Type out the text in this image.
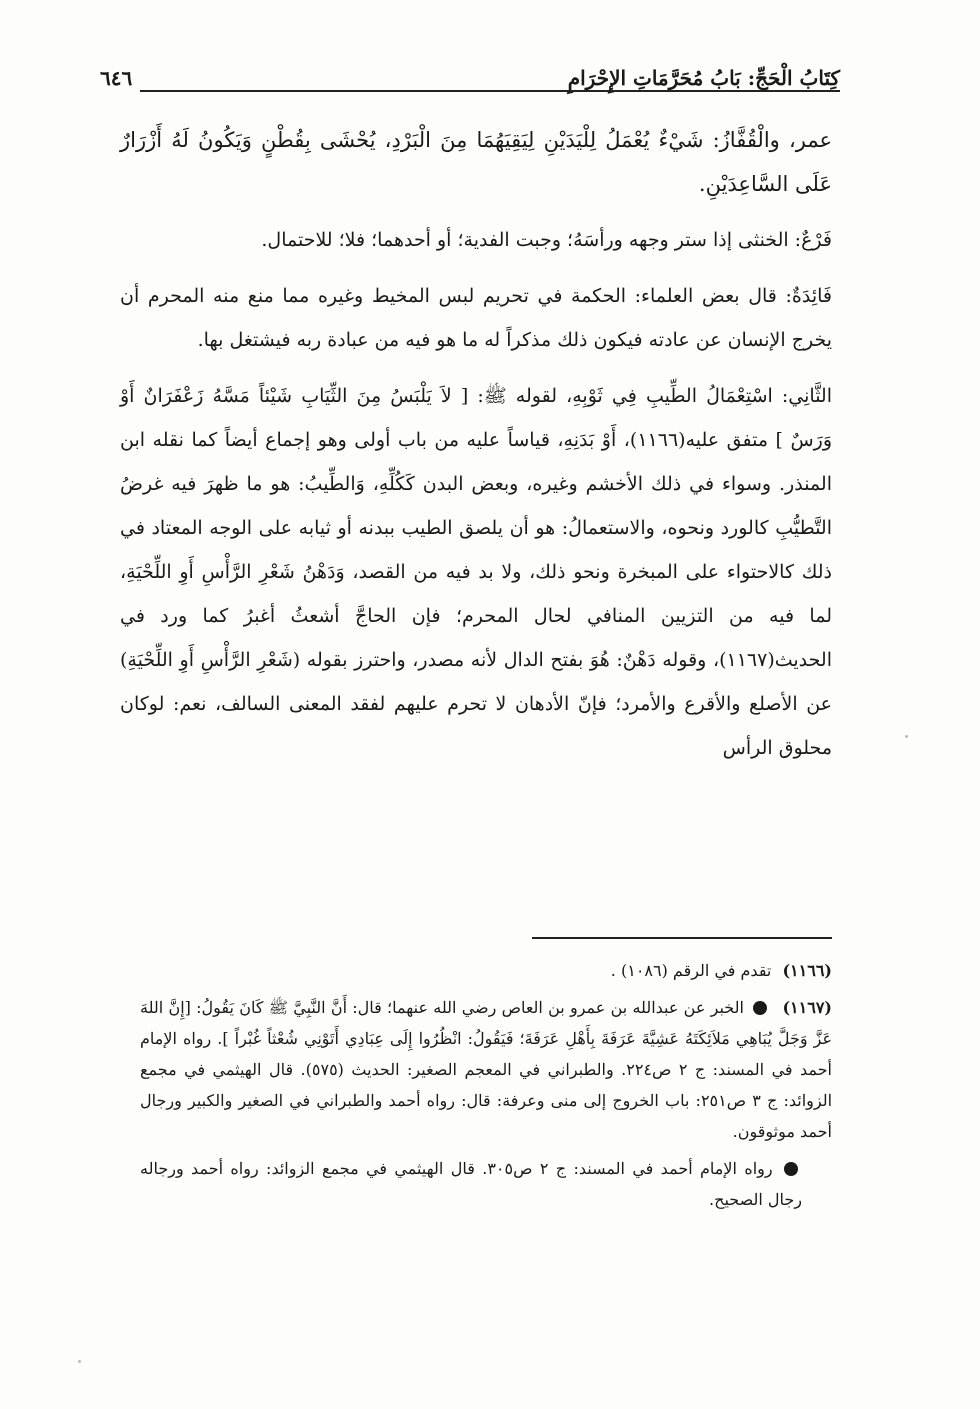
كِتَابُ الْحَجِّ: بَابُ مُحَرَّمَاتِ الإِحْرَامِ
٦٤٦

عمر، والْقُفَّازُ: شَيْءٌ يُعْمَلُ لِلْيَدَيْنِ لِيَقِيَهُمَا مِنَ الْبَرْدِ، يُحْشَى بِقُطْنٍ وَيَكُونُ لَهُ أَزْرَارٌ عَلَى السَّاعِدَيْنِ.

فَرْعٌ: الخنثى إذا ستر وجهه ورأسَهُ؛ وجبت الفدية؛ أو أحدهما؛ فلا؛ للاحتمال.

فَائِدَةٌ: قال بعض العلماء: الحكمة في تحريم لبس المخيط وغيره مما منع منه المحرم أن يخرج الإنسان عن عادته فيكون ذلك مذكراً له ما هو فيه من عبادة ربه فيشتغل بها.

الثَّانِي: اسْتِعْمَالُ الطِّيبِ فِي ثَوْبِهِ، لقوله ﷺ: [ لاَ يَلْبَسُ مِنَ الثِّيَابِ شَيْئاً مَسَّهُ زَعْفَرَانٌ أَوْ وَرَسٌ ] متفق عليه(١١٦٦)، أَوْ بَدَنِهِ، قياساً عليه من باب أولى وهو إجماع أيضاً كما نقله ابن المنذر. وسواء في ذلك الأخشم وغيره، وبعض البدن كَكُلِّهِ، وَالطِّيبُ: هو ما ظهرَ فيه غرضُ التَّطيُّبِ كالورد ونحوه، والاستعمالُ: هو أن يلصق الطيب ببدنه أو ثيابه على الوجه المعتاد في ذلك كالاحتواء على المبخرة ونحو ذلك، ولا بد فيه من القصد، وَدَهْنُ شَعْرِ الرَّأْسِ أَوِ اللِّحْيَةِ، لما فيه من التزيين المنافي لحال المحرم؛ فإن الحاجَّ أشعثُ أغبرُ كما ورد في الحديث(١١٦٧)، وقوله دَهْنٌ: هُوَ بفتح الدال لأنه مصدر، واحترز بقوله (شَعْرِ الرَّأْسِ أَوِ اللِّحْيَةِ) عن الأصلع والأقرع والأمرد؛ فإنّ الأدهان لا تحرم عليهم لفقد المعنى السالف، نعم: لوكان محلوق الرأس

(١١٦٦) تقدم في الرقم (١٠٨٦) .

(١١٦٧)  الخبر عن عبدالله بن عمرو بن العاص رضي الله عنهما؛ قال: أَنَّ النَّبِيَّ ﷺ كَانَ يَقُولُ: [إِنَّ اللهَ عَزَّ وَجَلَّ يُبَاهِي مَلاَئِكَتَهُ عَشِيَّةَ عَرَفَةَ بِأَهْلِ عَرَفَةَ؛ فَيَقُولُ: انْظُرُوا إِلَى عِبَادِي أَتَوْنِي شُعْثاً غُبْراً ]. رواه الإمام أحمد في المسند: ج ٢ ص٢٢٤. والطبراني في المعجم الصغير: الحديث (٥٧٥). قال الهيثمي في مجمع الزوائد: ج ٣ ص٢٥١: باب الخروج إلى منى وعرفة: قال: رواه أحمد والطبراني في الصغير والكبير ورجال أحمد موثوقون.

رواه الإمام أحمد في المسند: ج ٢ ص٣٠٥. قال الهيثمي في مجمع الزوائد: رواه أحمد ورجاله رجال الصحيح.
